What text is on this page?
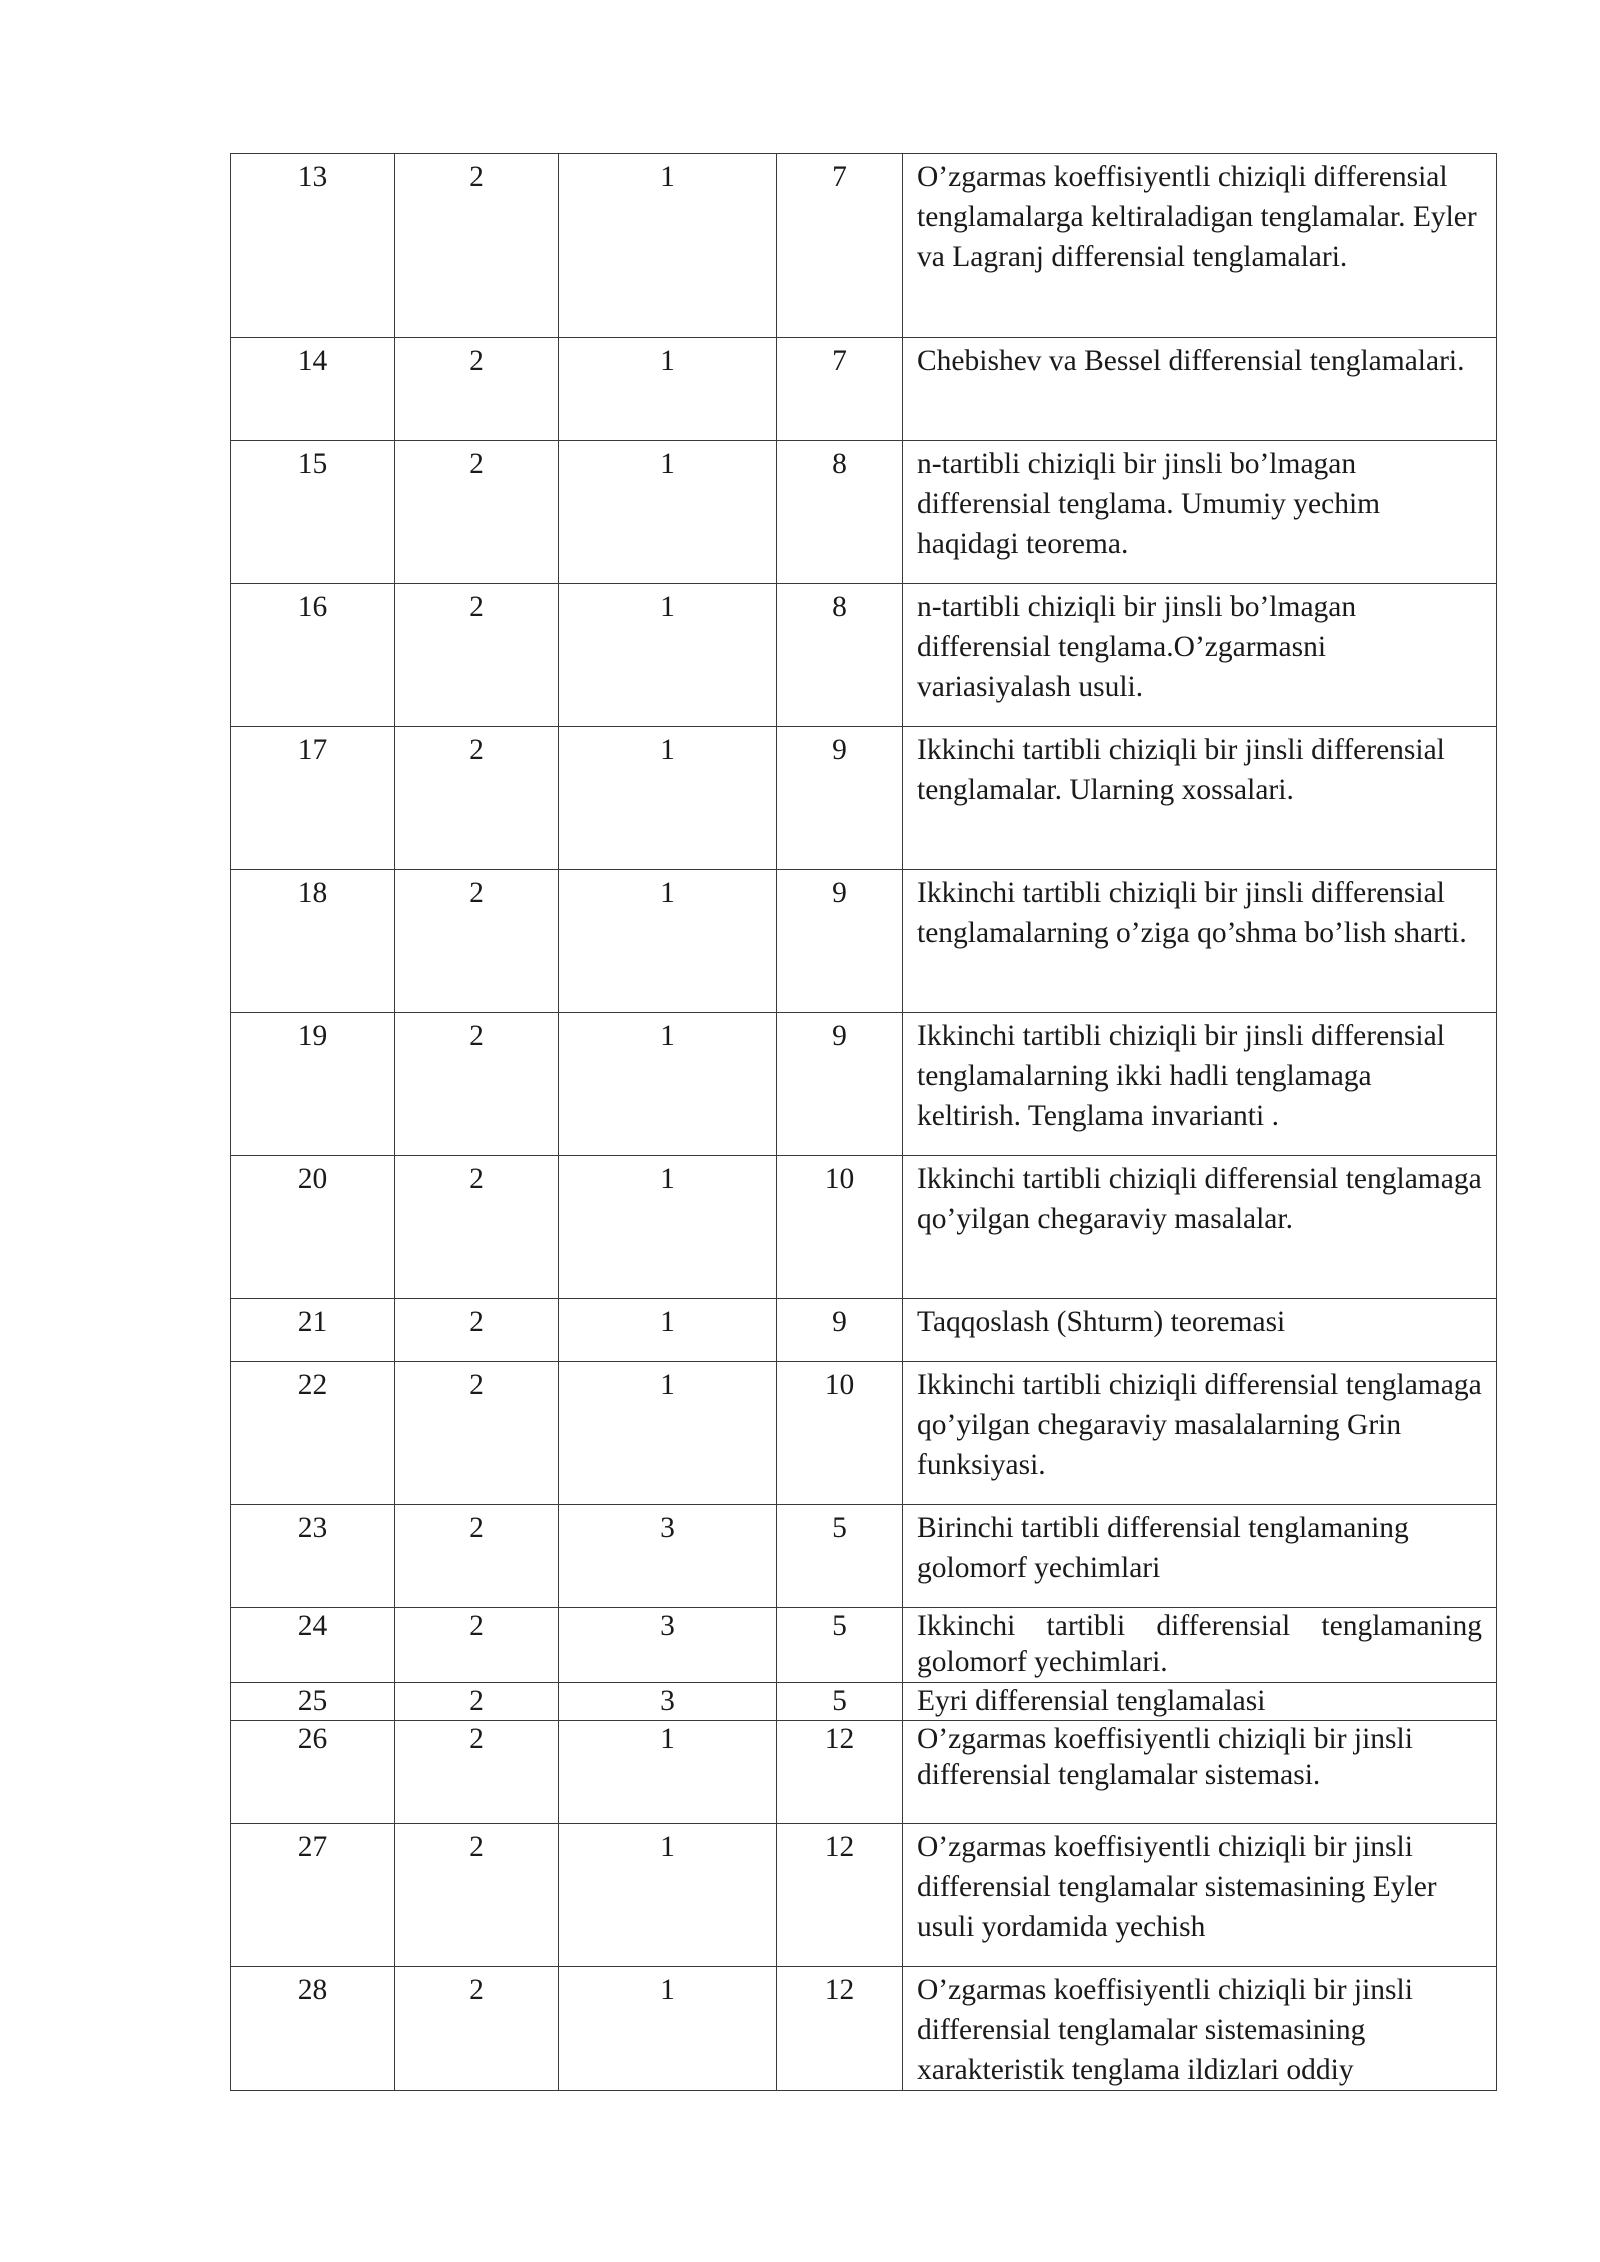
13	2	1	7	O’zgarmas koeffisiyentli chiziqli differensial tenglamalarga keltiraladigan tenglamalar. Eyler va Lagranj differensial tenglamalari.

14	2	1	7	Chebishev va Bessel differensial tenglamalari.

15	2	1	8	n-tartibli chiziqli bir jinsli bo’lmagan differensial tenglama. Umumiy yechim haqidagi teorema.

16	2	1	8	n-tartibli chiziqli bir jinsli bo’lmagan differensial tenglama.O’zgarmasni variasiyalash usuli.

17	2	1	9	Ikkinchi tartibli chiziqli bir jinsli differensial tenglamalar. Ularning xossalari.

18	2	1	9	Ikkinchi tartibli chiziqli bir jinsli differensial tenglamalarning o’ziga qo’shma bo’lish sharti.

19	2	1	9	Ikkinchi tartibli chiziqli bir jinsli differensial tenglamalarning ikki hadli tenglamaga keltirish. Tenglama invarianti .

20	2	1	10	Ikkinchi tartibli chiziqli differensial tenglamaga qo’yilgan chegaraviy masalalar.

21	2	1	9	Taqqoslash (Shturm) teoremasi

22	2	1	10	Ikkinchi tartibli chiziqli differensial tenglamaga qo’yilgan chegaraviy masalalarning Grin funksiyasi.

23	2	3	5	Birinchi tartibli differensial tenglamaning golomorf yechimlari

24	2	3	5	Ikkinchi tartibli differensial tenglamaning golomorf yechimlari.

25	2	3	5	Eyri differensial tenglamalasi

26	2	1	12	O’zgarmas koeffisiyentli chiziqli bir jinsli differensial tenglamalar sistemasi.

27	2	1	12	O’zgarmas koeffisiyentli chiziqli bir jinsli differensial tenglamalar sistemasining Eyler usuli yordamida yechish

28	2	1	12	O’zgarmas koeffisiyentli chiziqli bir jinsli differensial tenglamalar sistemasining xarakteristik tenglama ildizlari oddiy
